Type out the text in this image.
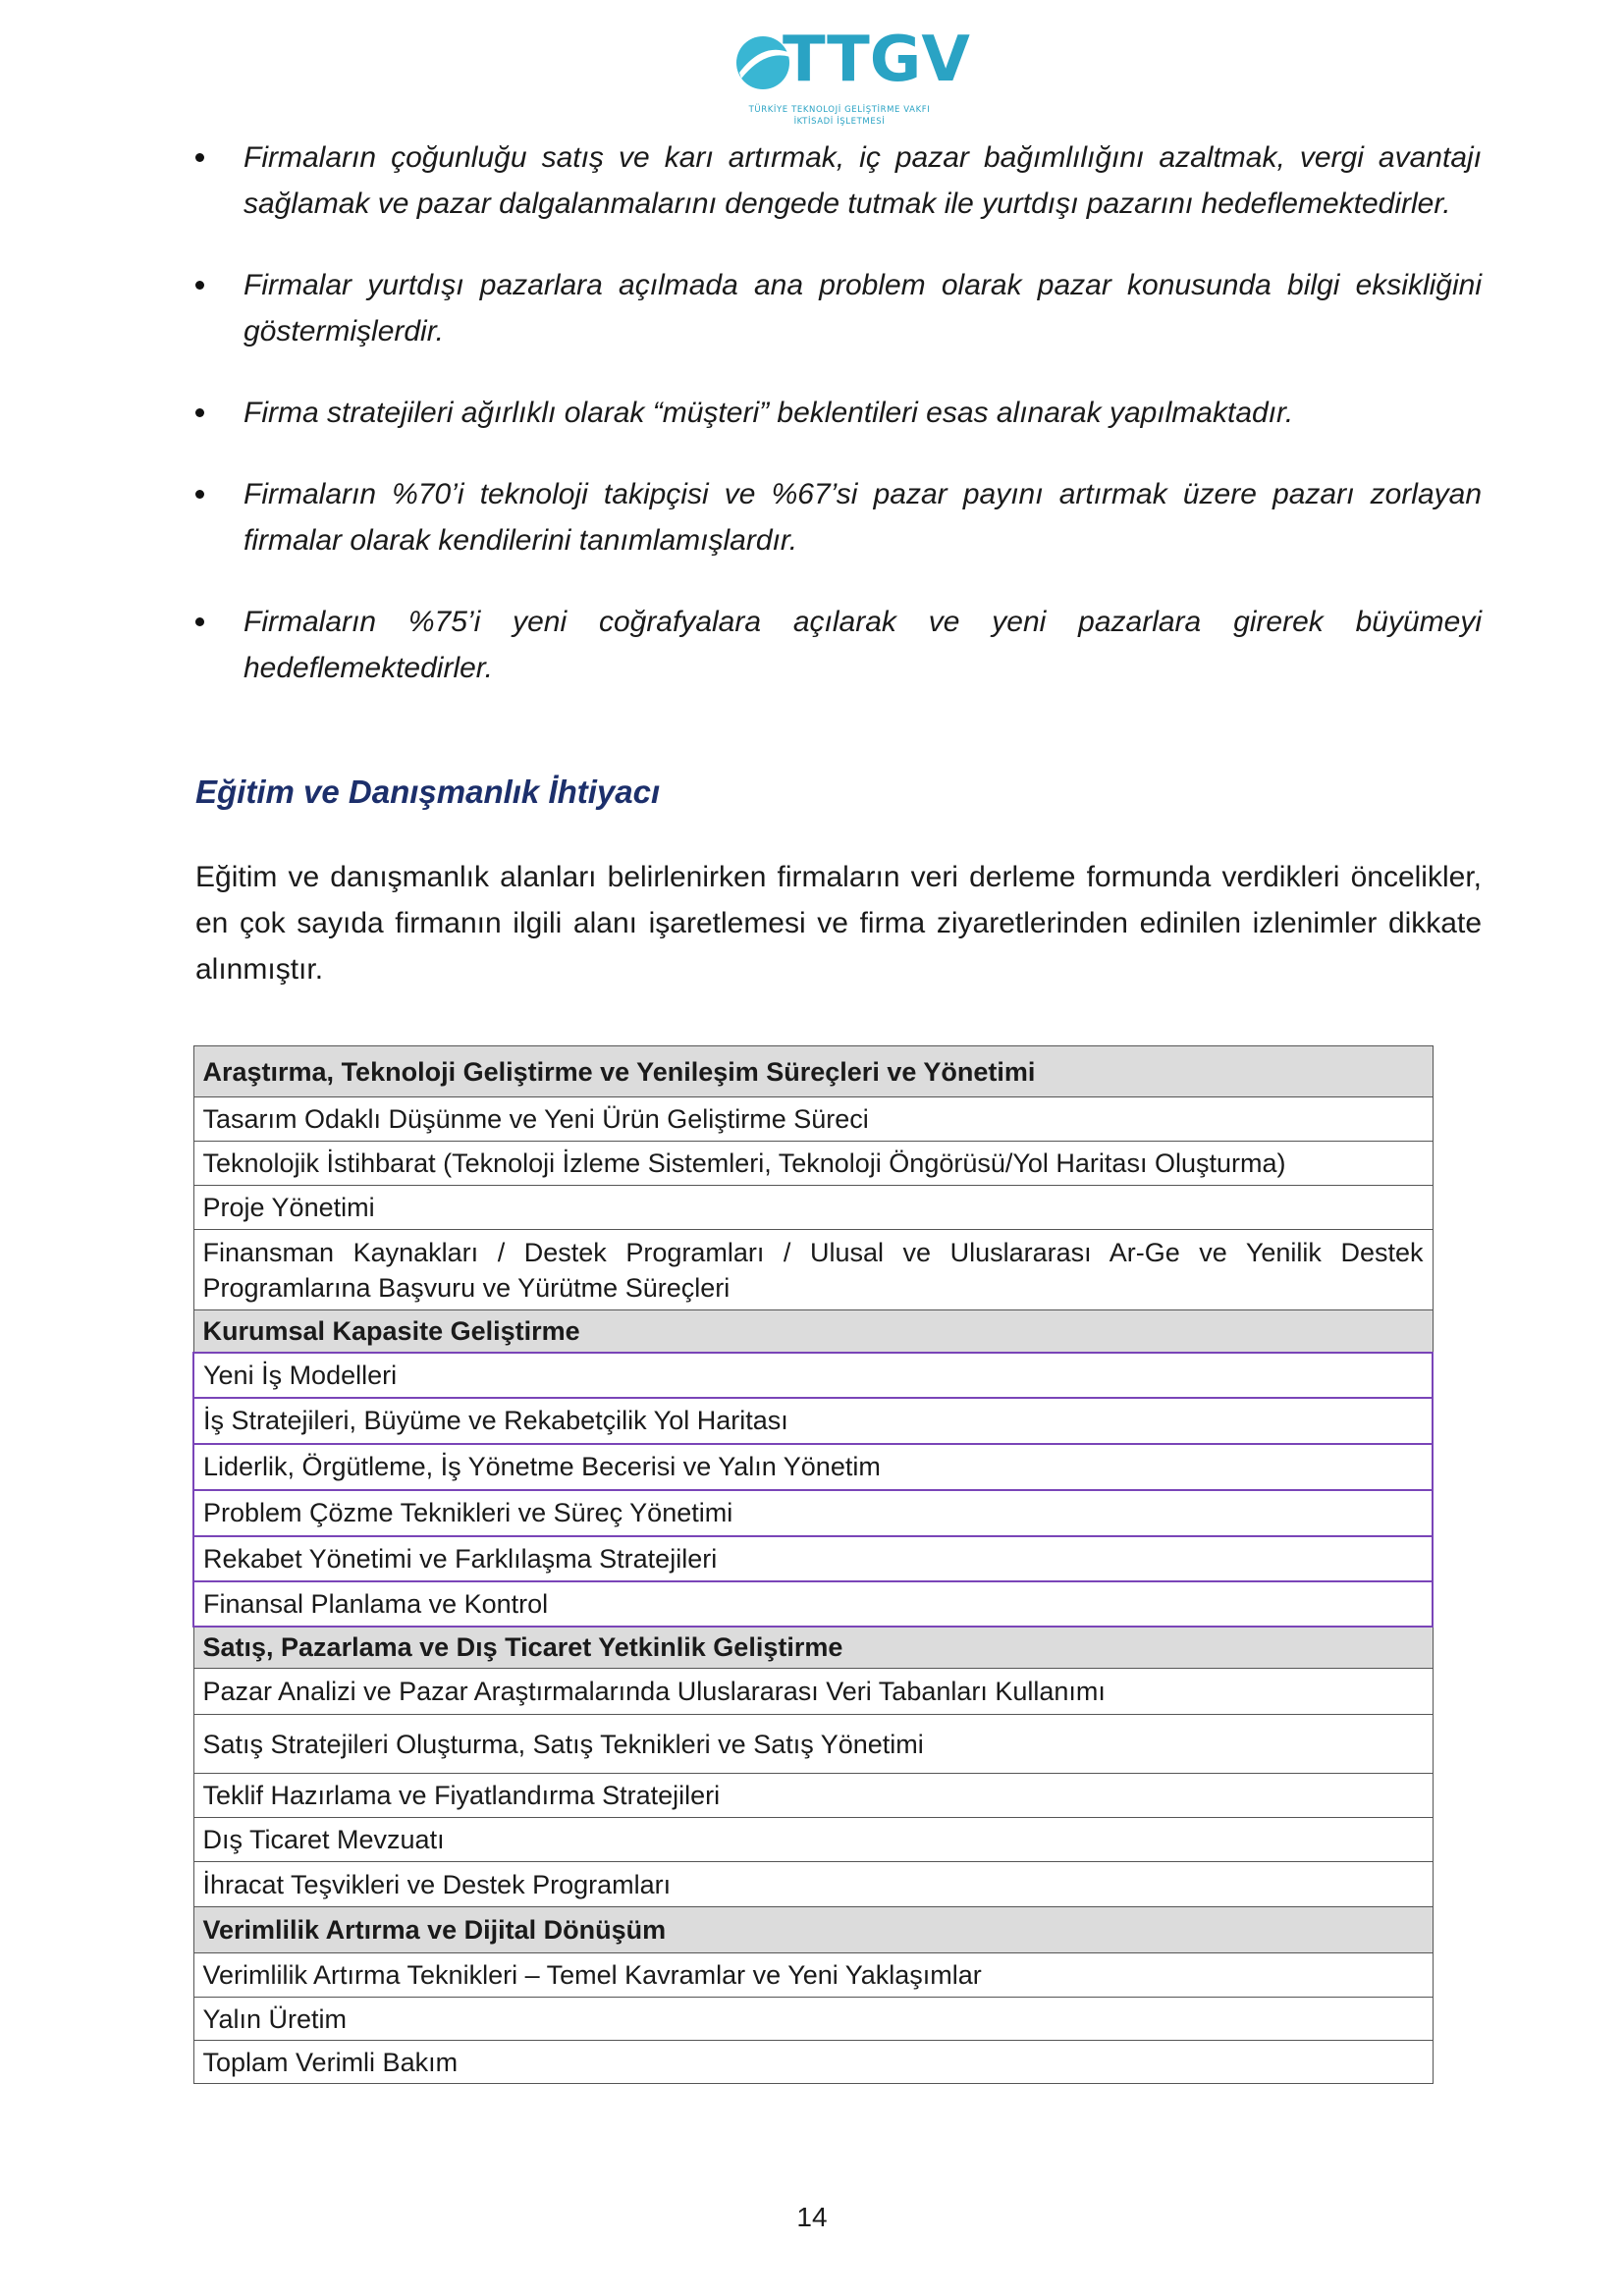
TTGV
TÜRKİYE TEKNOLOJİ GELİŞTİRME VAKFI
İKTİSADİ İŞLETMESİ
Firmaların çoğunluğu satış ve karı artırmak, iç pazar bağımlılığını azaltmak, vergi avantajı sağlamak ve pazar dalgalanmalarını dengede tutmak ile yurtdışı pazarını hedeflemektedirler.
Firmalar yurtdışı pazarlara açılmada ana problem olarak pazar konusunda bilgi eksikliğini göstermişlerdir.
Firma stratejileri ağırlıklı olarak “müşteri” beklentileri esas alınarak yapılmaktadır.
Firmaların %70’i teknoloji takipçisi ve %67’si pazar payını artırmak üzere pazarı zorlayan firmalar olarak kendilerini tanımlamışlardır.
Firmaların %75’i yeni coğrafyalara açılarak ve yeni pazarlara girerek büyümeyi hedeflemektedirler.
Eğitim ve Danışmanlık İhtiyacı

Eğitim ve danışmanlık alanları belirlenirken firmaların veri derleme formunda verdikleri öncelikler, en çok sayıda firmanın ilgili alanı işaretlemesi ve firma ziyaretlerinden edinilen izlenimler dikkate alınmıştır.

Araştırma, Teknoloji Geliştirme ve Yenileşim Süreçleri ve Yönetimi
Tasarım Odaklı Düşünme ve Yeni Ürün Geliştirme Süreci
Teknolojik İstihbarat (Teknoloji İzleme Sistemleri, Teknoloji Öngörüsü/Yol Haritası Oluşturma)
Proje Yönetimi
Finansman Kaynakları / Destek Programları / Ulusal ve Uluslararası Ar-Ge ve Yenilik Destek Programlarına Başvuru ve Yürütme Süreçleri
Kurumsal Kapasite Geliştirme
Yeni İş Modelleri
İş Stratejileri, Büyüme ve Rekabetçilik Yol Haritası
Liderlik, Örgütleme, İş Yönetme Becerisi ve Yalın Yönetim
Problem Çözme Teknikleri ve Süreç Yönetimi
Rekabet Yönetimi ve Farklılaşma Stratejileri
Finansal Planlama ve Kontrol
Satış, Pazarlama ve Dış Ticaret Yetkinlik Geliştirme
Pazar Analizi ve Pazar Araştırmalarında Uluslararası Veri Tabanları Kullanımı
Satış Stratejileri Oluşturma, Satış Teknikleri ve Satış Yönetimi
Teklif Hazırlama ve Fiyatlandırma Stratejileri
Dış Ticaret Mevzuatı
İhracat Teşvikleri ve Destek Programları
Verimlilik Artırma ve Dijital Dönüşüm
Verimlilik Artırma Teknikleri – Temel Kavramlar ve Yeni Yaklaşımlar
Yalın Üretim
Toplam Verimli Bakım
14
